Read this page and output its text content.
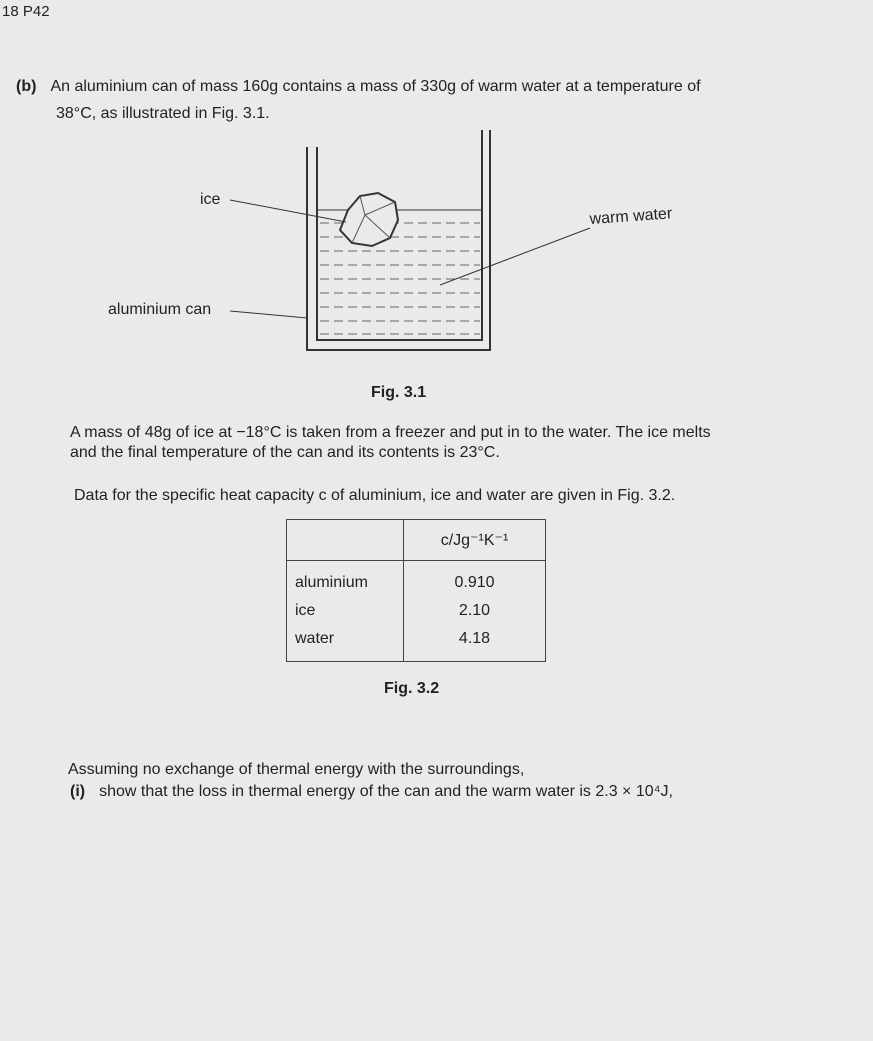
18 P42

(b) An aluminium can of mass 160g contains a mass of 330g of warm water at a temperature of

38°C, as illustrated in Fig. 3.1.

ice
warm water
aluminium can
Fig. 3.1

A mass of 48g of ice at −18°C is taken from a freezer and put in to the water. The ice melts

and the final temperature of the can and its contents is 23°C.

Data for the specific heat capacity c of aluminium, ice and water are given in Fig. 3.2.

	c/Jg⁻¹K⁻¹
aluminium	0.910
ice	2.10
water	4.18
Fig. 3.2

Assuming no exchange of thermal energy with the surroundings,

(i) show that the loss in thermal energy of the can and the warm water is 2.3 × 10⁴J,
